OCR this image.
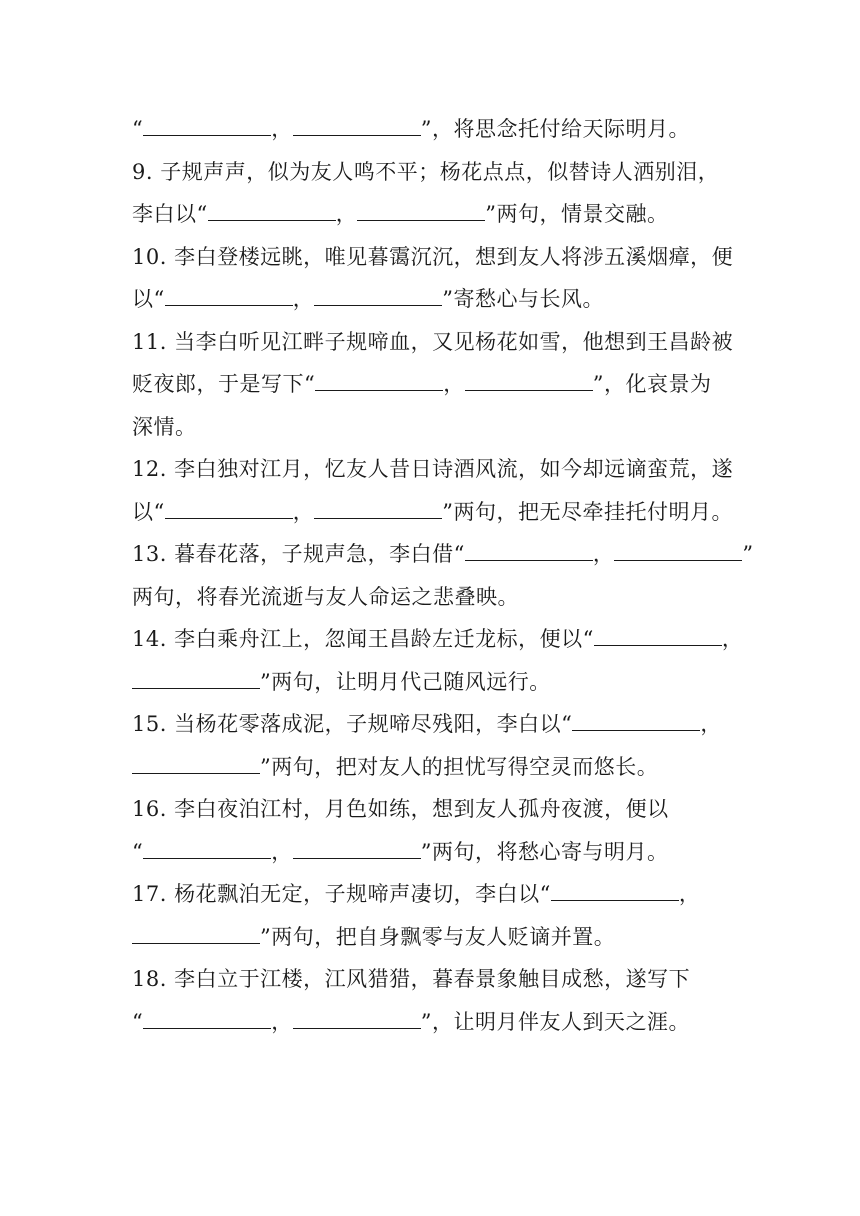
“	，	”，将思念托付给天际明月。
9. 子规声声，似为友人鸣不平；杨花点点，似替诗人洒别泪，
李白以“	，	”两句，情景交融。
10. 李白登楼远眺，唯见暮霭沉沉，想到友人将涉五溪烟瘴，便
以“	，	”寄愁心与长风。
11. 当李白听见江畔子规啼血，又见杨花如雪，他想到王昌龄被
贬夜郎，于是写下“	，	”，化哀景为
深情。
12. 李白独对江月，忆友人昔日诗酒风流，如今却远谪蛮荒，遂
以“	，	”两句，把无尽牵挂托付明月。
13. 暮春花落，子规声急，李白借“	，	”
两句，将春光流逝与友人命运之悲叠映。
14. 李白乘舟江上，忽闻王昌龄左迁龙标，便以“	，
”两句，让明月代己随风远行。
15. 当杨花零落成泥，子规啼尽残阳，李白以“	，
”两句，把对友人的担忧写得空灵而悠长。
16. 李白夜泊江村，月色如练，想到友人孤舟夜渡，便以
“	，	”两句，将愁心寄与明月。
17. 杨花飘泊无定，子规啼声凄切，李白以“	，
”两句，把自身飘零与友人贬谪并置。
18. 李白立于江楼，江风猎猎，暮春景象触目成愁，遂写下
“	，	”，让明月伴友人到天之涯。
